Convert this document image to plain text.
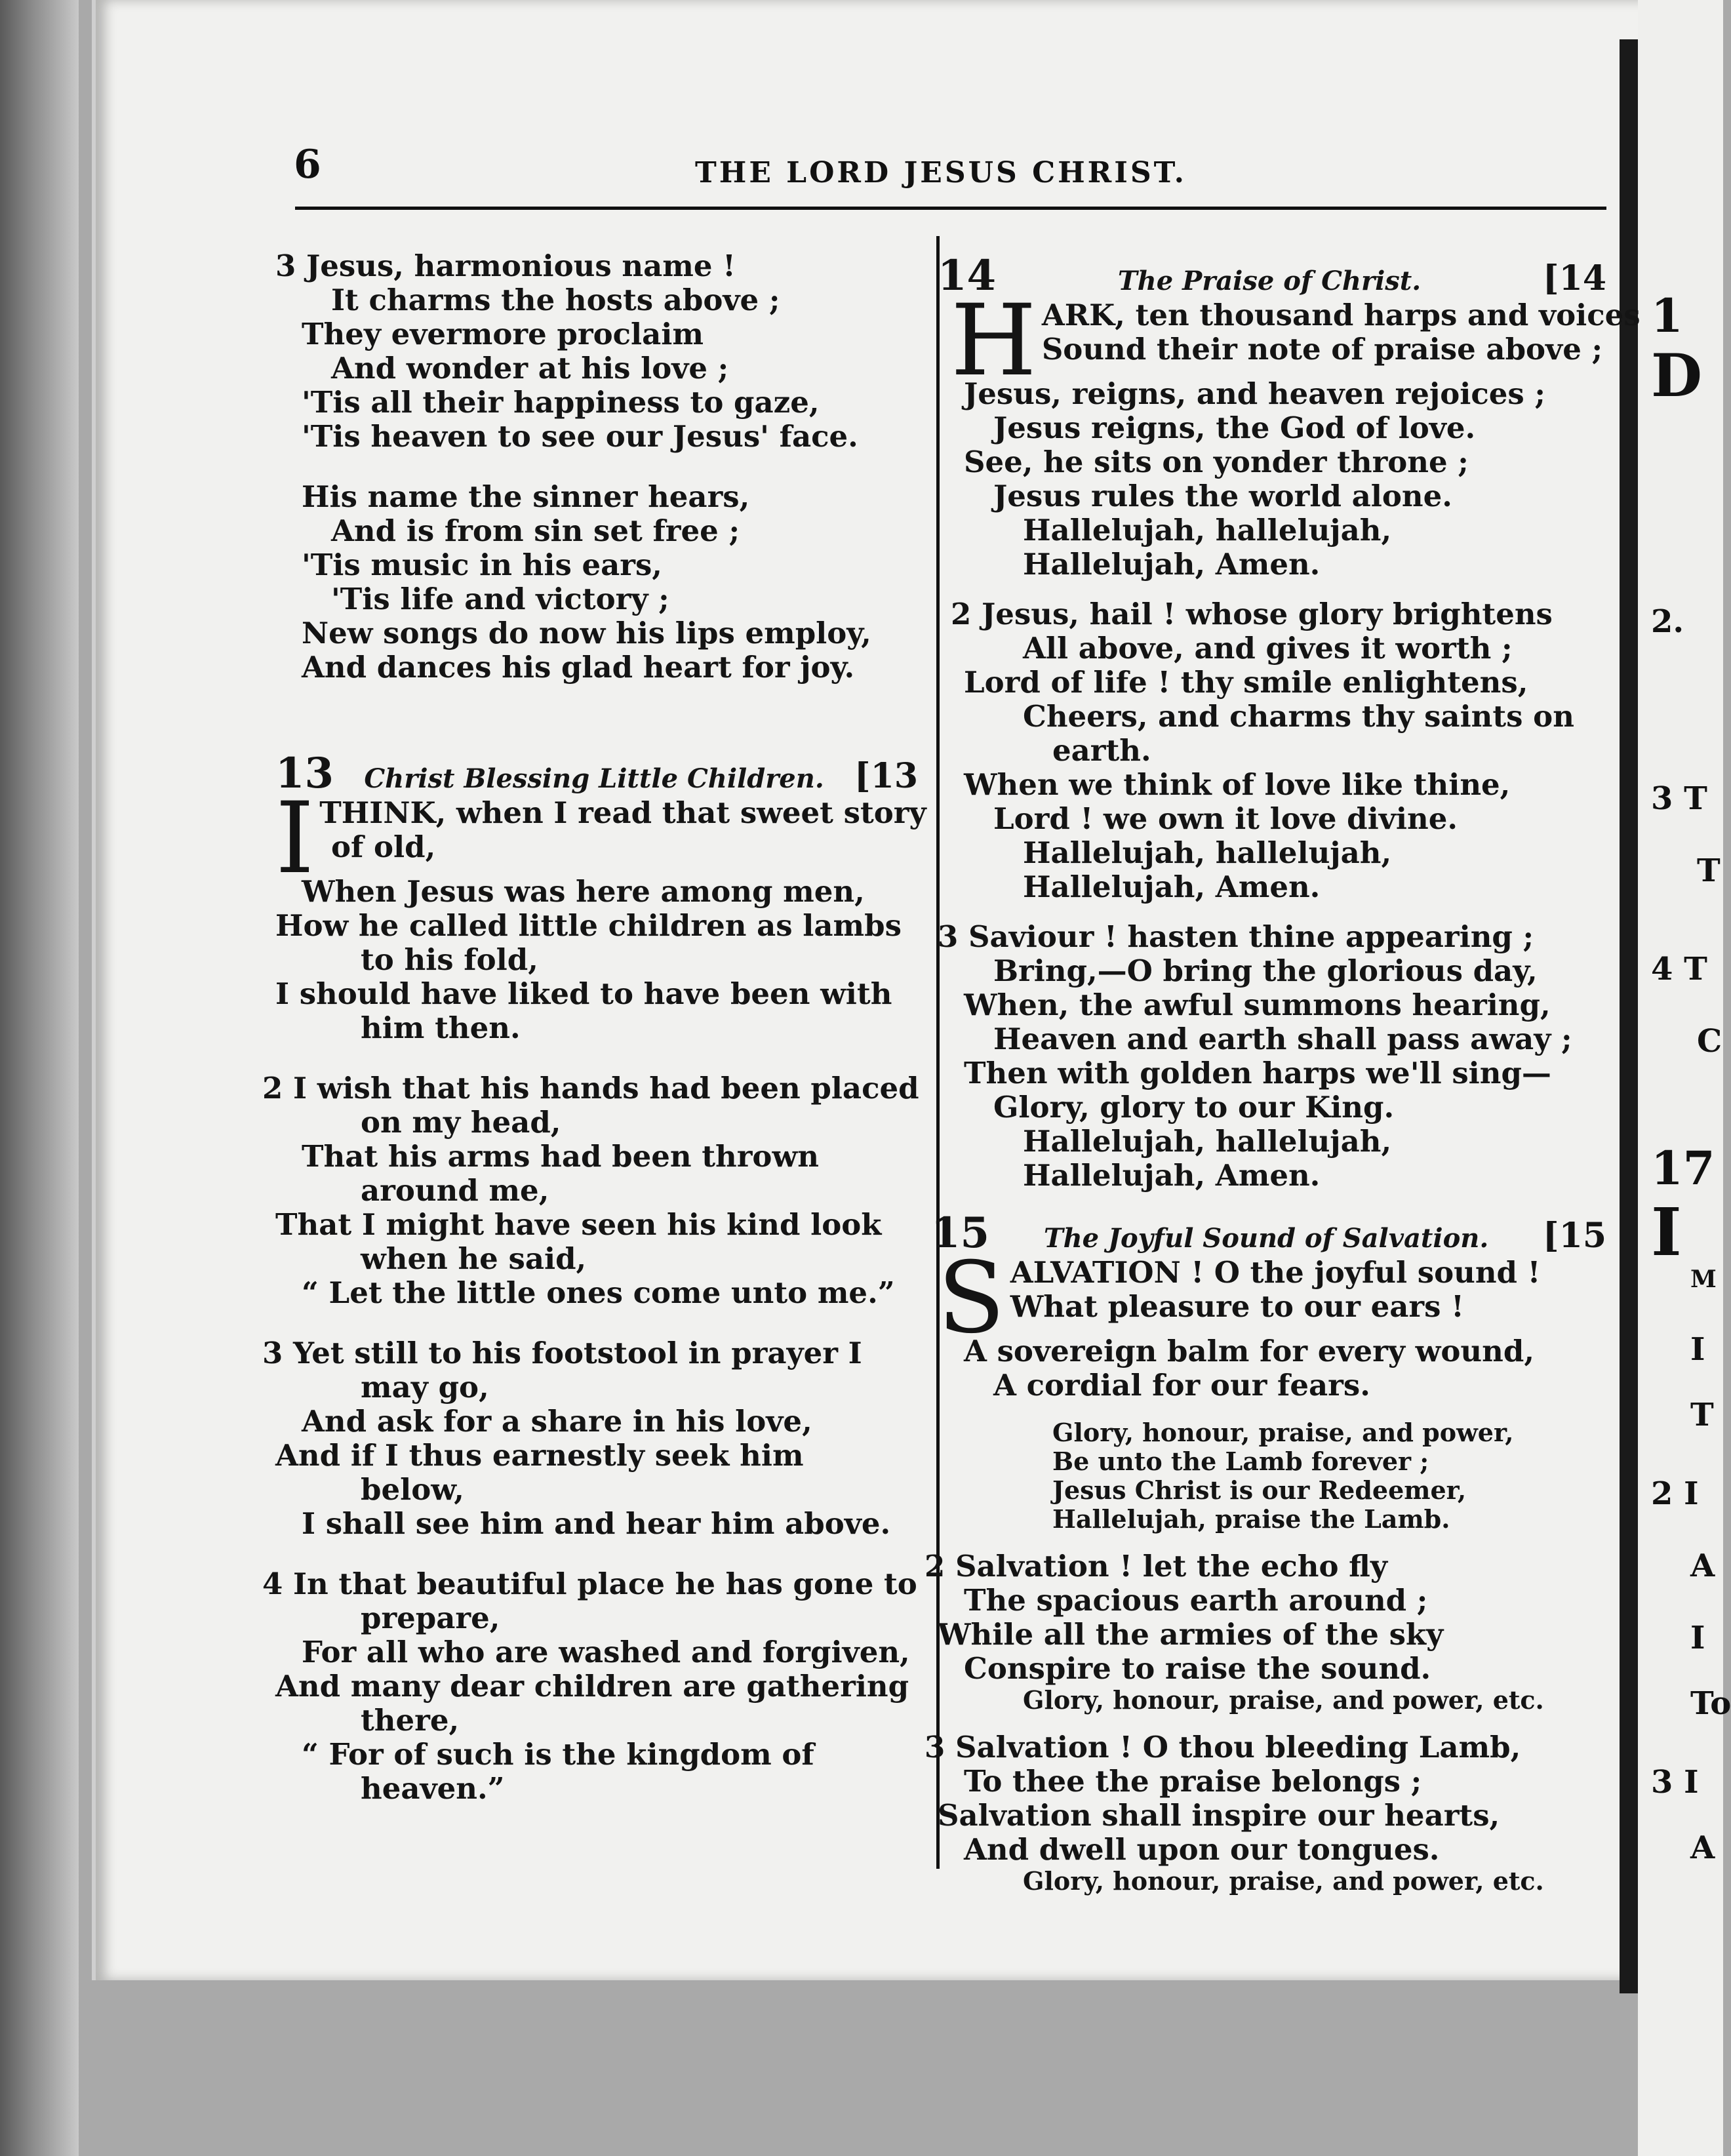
1
D
2.
3 T
T
4 T
C
17
I
M
I
T
2 I
A
I
To
3 I
A
6	THE LORD JESUS CHRIST.
3 Jesus, harmonious name !
It charms the hosts above ;
They evermore proclaim
And wonder at his love ;
'Tis all their happiness to gaze,
'Tis heaven to see our Jesus' face.
His name the sinner hears,
And is from sin set free ;
'Tis music in his ears,
'Tis life and victory ;
New songs do now his lips employ,
And dances his glad heart for joy.
13 Christ Blessing Little Children. [13
I THINK, when I read that sweet story
of old,
When Jesus was here among men,
How he called little children as lambs
to his fold,
I should have liked to have been with
him then.
2 I wish that his hands had been placed
on my head,
That his arms had been thrown
around me,
That I might have seen his kind look
when he said,
“ Let the little ones come unto me.”
3 Yet still to his footstool in prayer I
may go,
And ask for a share in his love,
And if I thus earnestly seek him
below,
I shall see him and hear him above.
4 In that beautiful place he has gone to
prepare,
For all who are washed and forgiven,
And many dear children are gathering
there,
“ For of such is the kingdom of
heaven.”
14	The Praise of Christ.	[14
H ARK, ten thousand harps and voices
Sound their note of praise above ;
Jesus, reigns, and heaven rejoices ;
Jesus reigns, the God of love.
See, he sits on yonder throne ;
Jesus rules the world alone.
Hallelujah, hallelujah,
Hallelujah, Amen.
2 Jesus, hail ! whose glory brightens
All above, and gives it worth ;
Lord of life ! thy smile enlightens,
Cheers, and charms thy saints on
earth.
When we think of love like thine,
Lord ! we own it love divine.
Hallelujah, hallelujah,
Hallelujah, Amen.
3 Saviour ! hasten thine appearing ;
Bring,—O bring the glorious day,
When, the awful summons hearing,
Heaven and earth shall pass away ;
Then with golden harps we'll sing—
Glory, glory to our King.
Hallelujah, hallelujah,
Hallelujah, Amen.
15 The Joyful Sound of Salvation. [15
S ALVATION ! O the joyful sound !
What pleasure to our ears !
A sovereign balm for every wound,
A cordial for our fears.
Glory, honour, praise, and power,
Be unto the Lamb forever ;
Jesus Christ is our Redeemer,
Hallelujah, praise the Lamb.
2 Salvation ! let the echo fly
The spacious earth around ;
While all the armies of the sky
Conspire to raise the sound.
Glory, honour, praise, and power, etc.
3 Salvation ! O thou bleeding Lamb,
To thee the praise belongs ;
Salvation shall inspire our hearts,
And dwell upon our tongues.
Glory, honour, praise, and power, etc.
